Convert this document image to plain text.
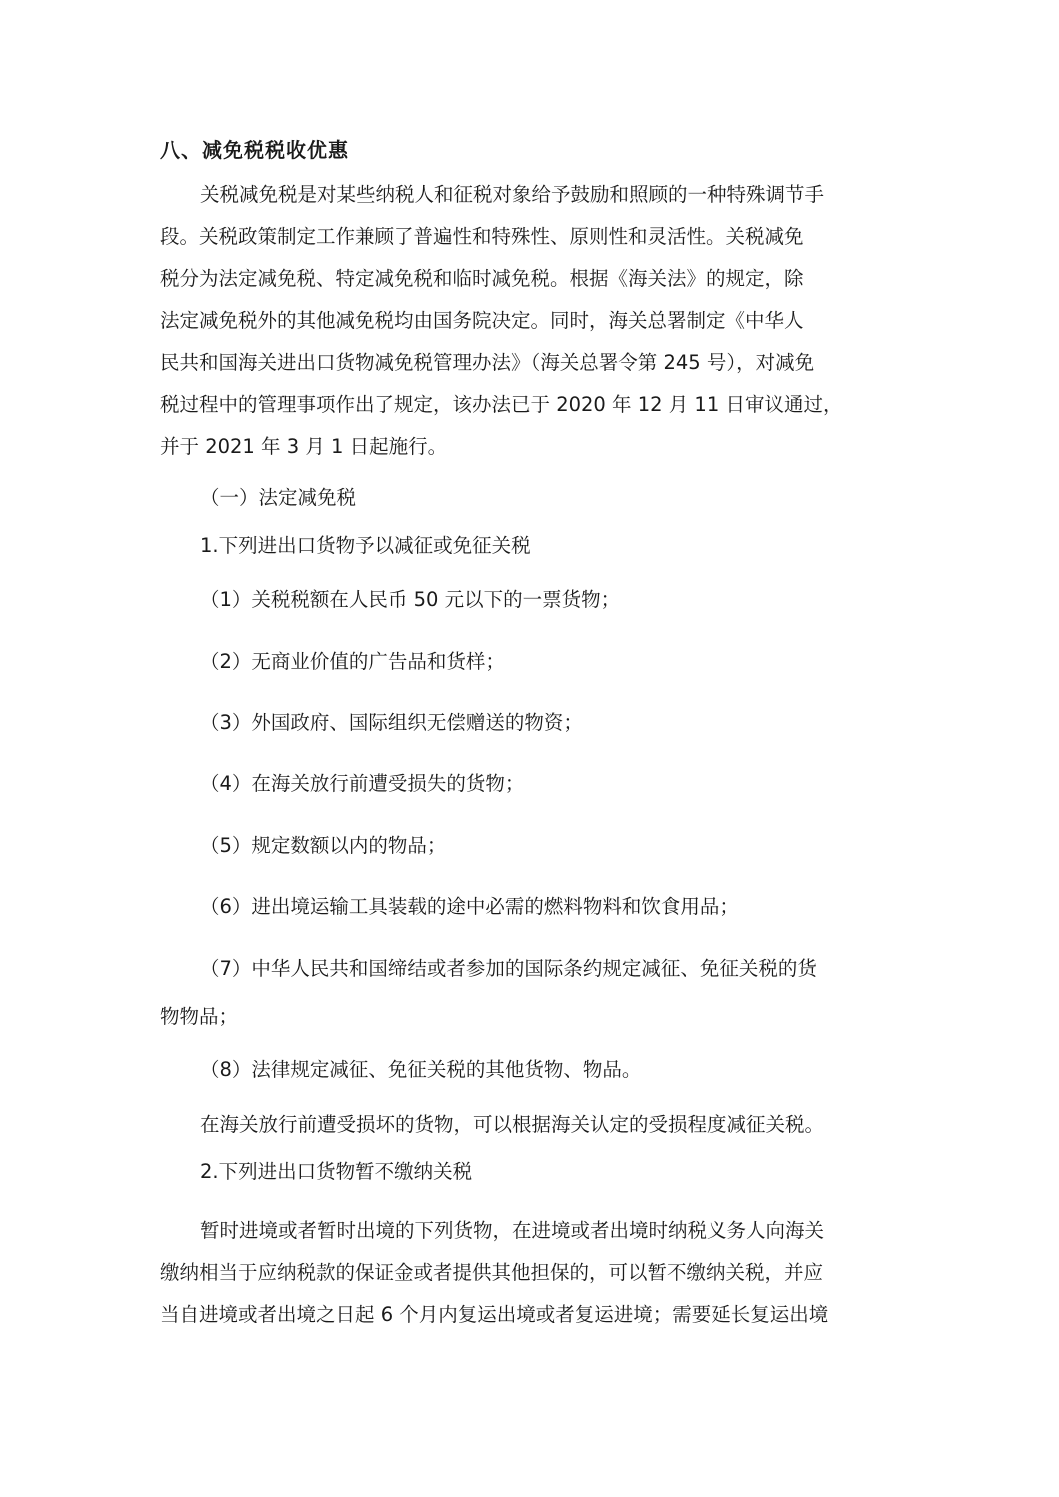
八、减免税税收优惠
关税减免税是对某些纳税人和征税对象给予鼓励和照顾的一种特殊调节手
段。关税政策制定工作兼顾了普遍性和特殊性、原则性和灵活性。关税减免
税分为法定减免税、特定减免税和临时减免税。根据《海关法》的规定，除
法定减免税外的其他减免税均由国务院决定。同时，海关总署制定《中华人
民共和国海关进出口货物减免税管理办法》（海关总署令第 245 号），对减免
税过程中的管理事项作出了规定，该办法已于 2020 年 12 月 11 日审议通过，
并于 2021 年 3 月 1 日起施行。
（一）法定减免税
1.下列进出口货物予以减征或免征关税
（1）关税税额在人民币 50 元以下的一票货物；
（2）无商业价值的广告品和货样；
（3）外国政府、国际组织无偿赠送的物资；
（4）在海关放行前遭受损失的货物；
（5）规定数额以内的物品；
（6）进出境运输工具装载的途中必需的燃料物料和饮食用品；
（7）中华人民共和国缔结或者参加的国际条约规定减征、免征关税的货
物物品；
（8）法律规定减征、免征关税的其他货物、物品。
在海关放行前遭受损坏的货物，可以根据海关认定的受损程度减征关税。
2.下列进出口货物暂不缴纳关税
暂时进境或者暂时出境的下列货物，在进境或者出境时纳税义务人向海关
缴纳相当于应纳税款的保证金或者提供其他担保的，可以暂不缴纳关税，并应
当自进境或者出境之日起 6 个月内复运出境或者复运进境；需要延长复运出境
